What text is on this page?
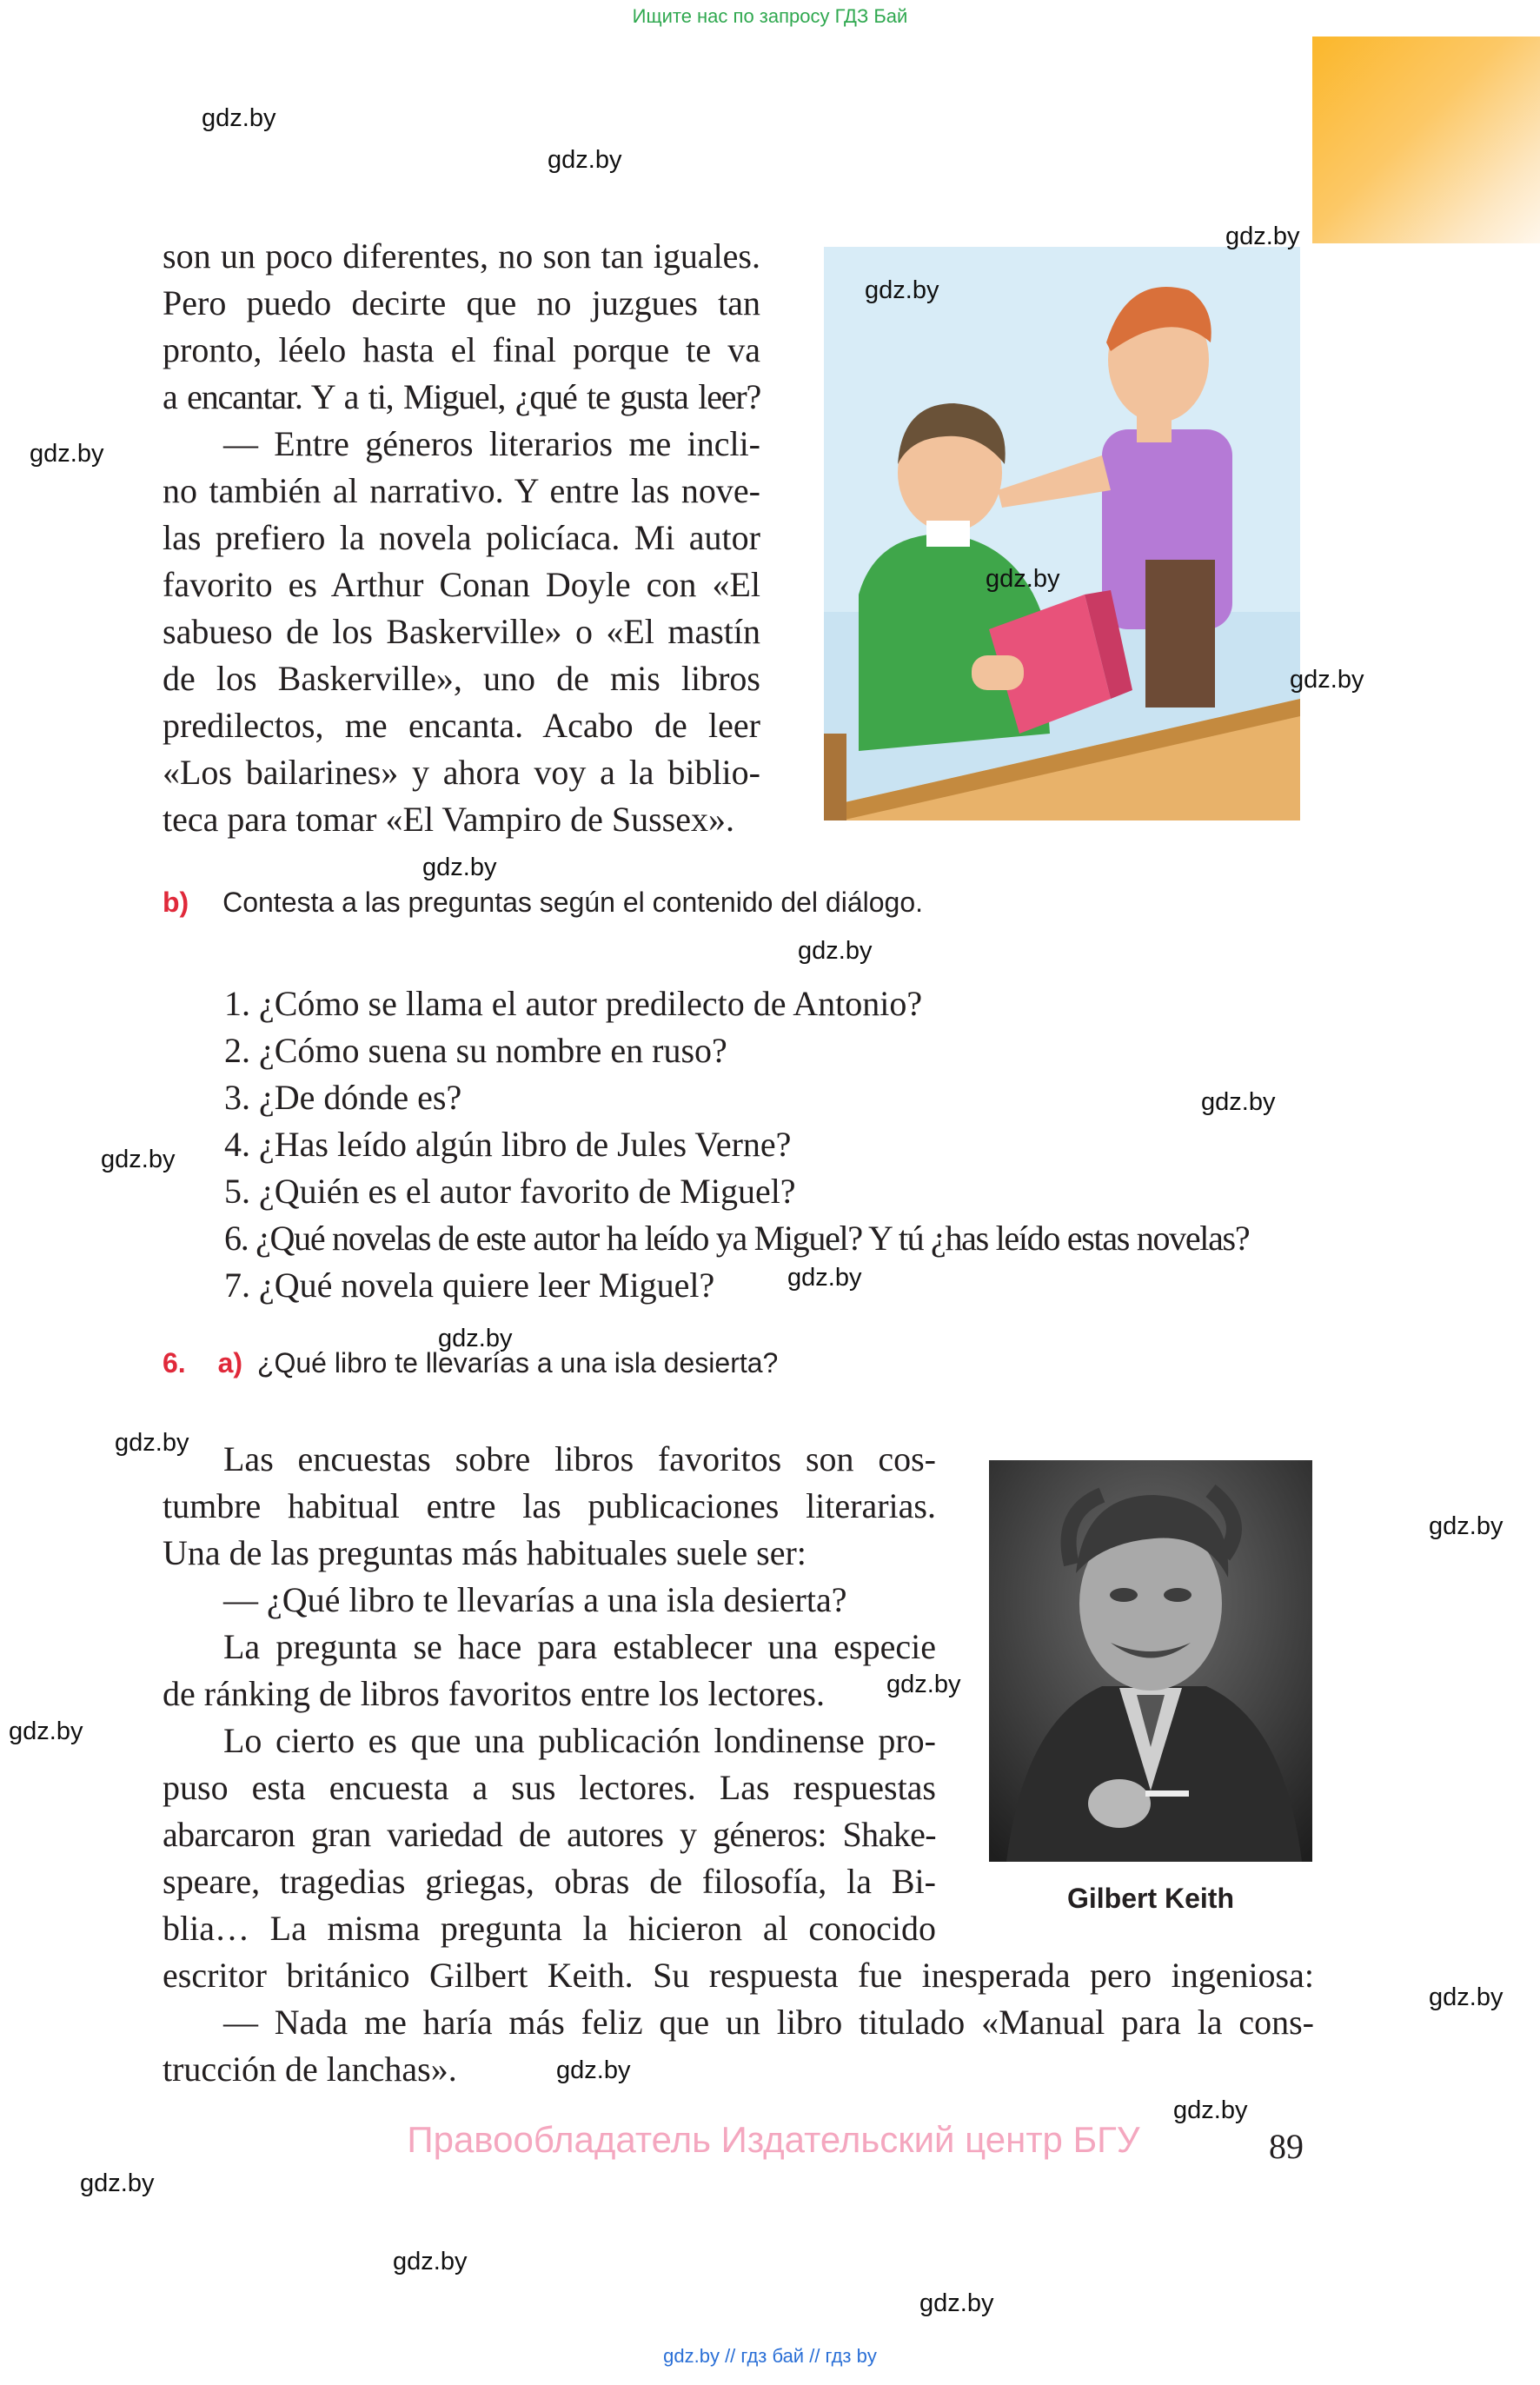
Ищите нас по запросу ГДЗ Бай
son un poco diferentes, no son tan iguales.
Pero puedo decirte que no juzgues tan
pronto, léelo hasta el final porque te va
a encantar. Y a ti, Miguel, ¿qué te gusta leer?
— Entre géneros literarios me incli-
no también al narrativo. Y entre las nove-
las prefiero la novela policíaca. Mi autor
favorito es Arthur Conan Doyle con «El
sabueso de los Baskerville» o «El mastín
de los Baskerville», uno de mis libros
predilectos, me encanta. Acabo de leer
«Los bailarines» y ahora voy a la biblio-
teca para tomar «El Vampiro de Sussex».
b) Contesta a las preguntas según el contenido del diálogo.
1. ¿Cómo se llama el autor predilecto de Antonio?
2. ¿Cómo suena su nombre en ruso?
3. ¿De dónde es?
4. ¿Has leído algún libro de Jules Verne?
5. ¿Quién es el autor favorito de Miguel?
6. ¿Qué novelas de este autor ha leído ya Miguel? Y tú ¿has leído estas novelas?
7. ¿Qué novela quiere leer Miguel?
6. a) ¿Qué libro te llevarías a una isla desierta?
Las encuestas sobre libros favoritos son cos-
tumbre habitual entre las publicaciones literarias.
Una de las preguntas más habituales suele ser:
— ¿Qué libro te llevarías a una isla desierta?
La pregunta se hace para establecer una especie
de ránking de libros favoritos entre los lectores.
Lo cierto es que una publicación londinense pro-
puso esta encuesta a sus lectores. Las respuestas
abarcaron gran variedad de autores y géneros: Shake-
speare, tragedias griegas, obras de filosofía, la Bi-
blia… La misma pregunta la hicieron al conocido
escritor británico Gilbert Keith. Su respuesta fue inesperada pero ingeniosa:
— Nada me haría más feliz que un libro titulado «Manual para la cons-
trucción de lanchas».
Gilbert Keith
Правообладатель Издательский центр БГУ	89
gdz.by // гдз бай // гдз by
gdz.by
gdz.by
gdz.by
gdz.by
gdz.by
gdz.by
gdz.by
gdz.by
gdz.by
gdz.by
gdz.by
gdz.by
gdz.by
gdz.by
gdz.by
gdz.by
gdz.by
gdz.by
gdz.by
gdz.by
gdz.by
gdz.by
gdz.by
